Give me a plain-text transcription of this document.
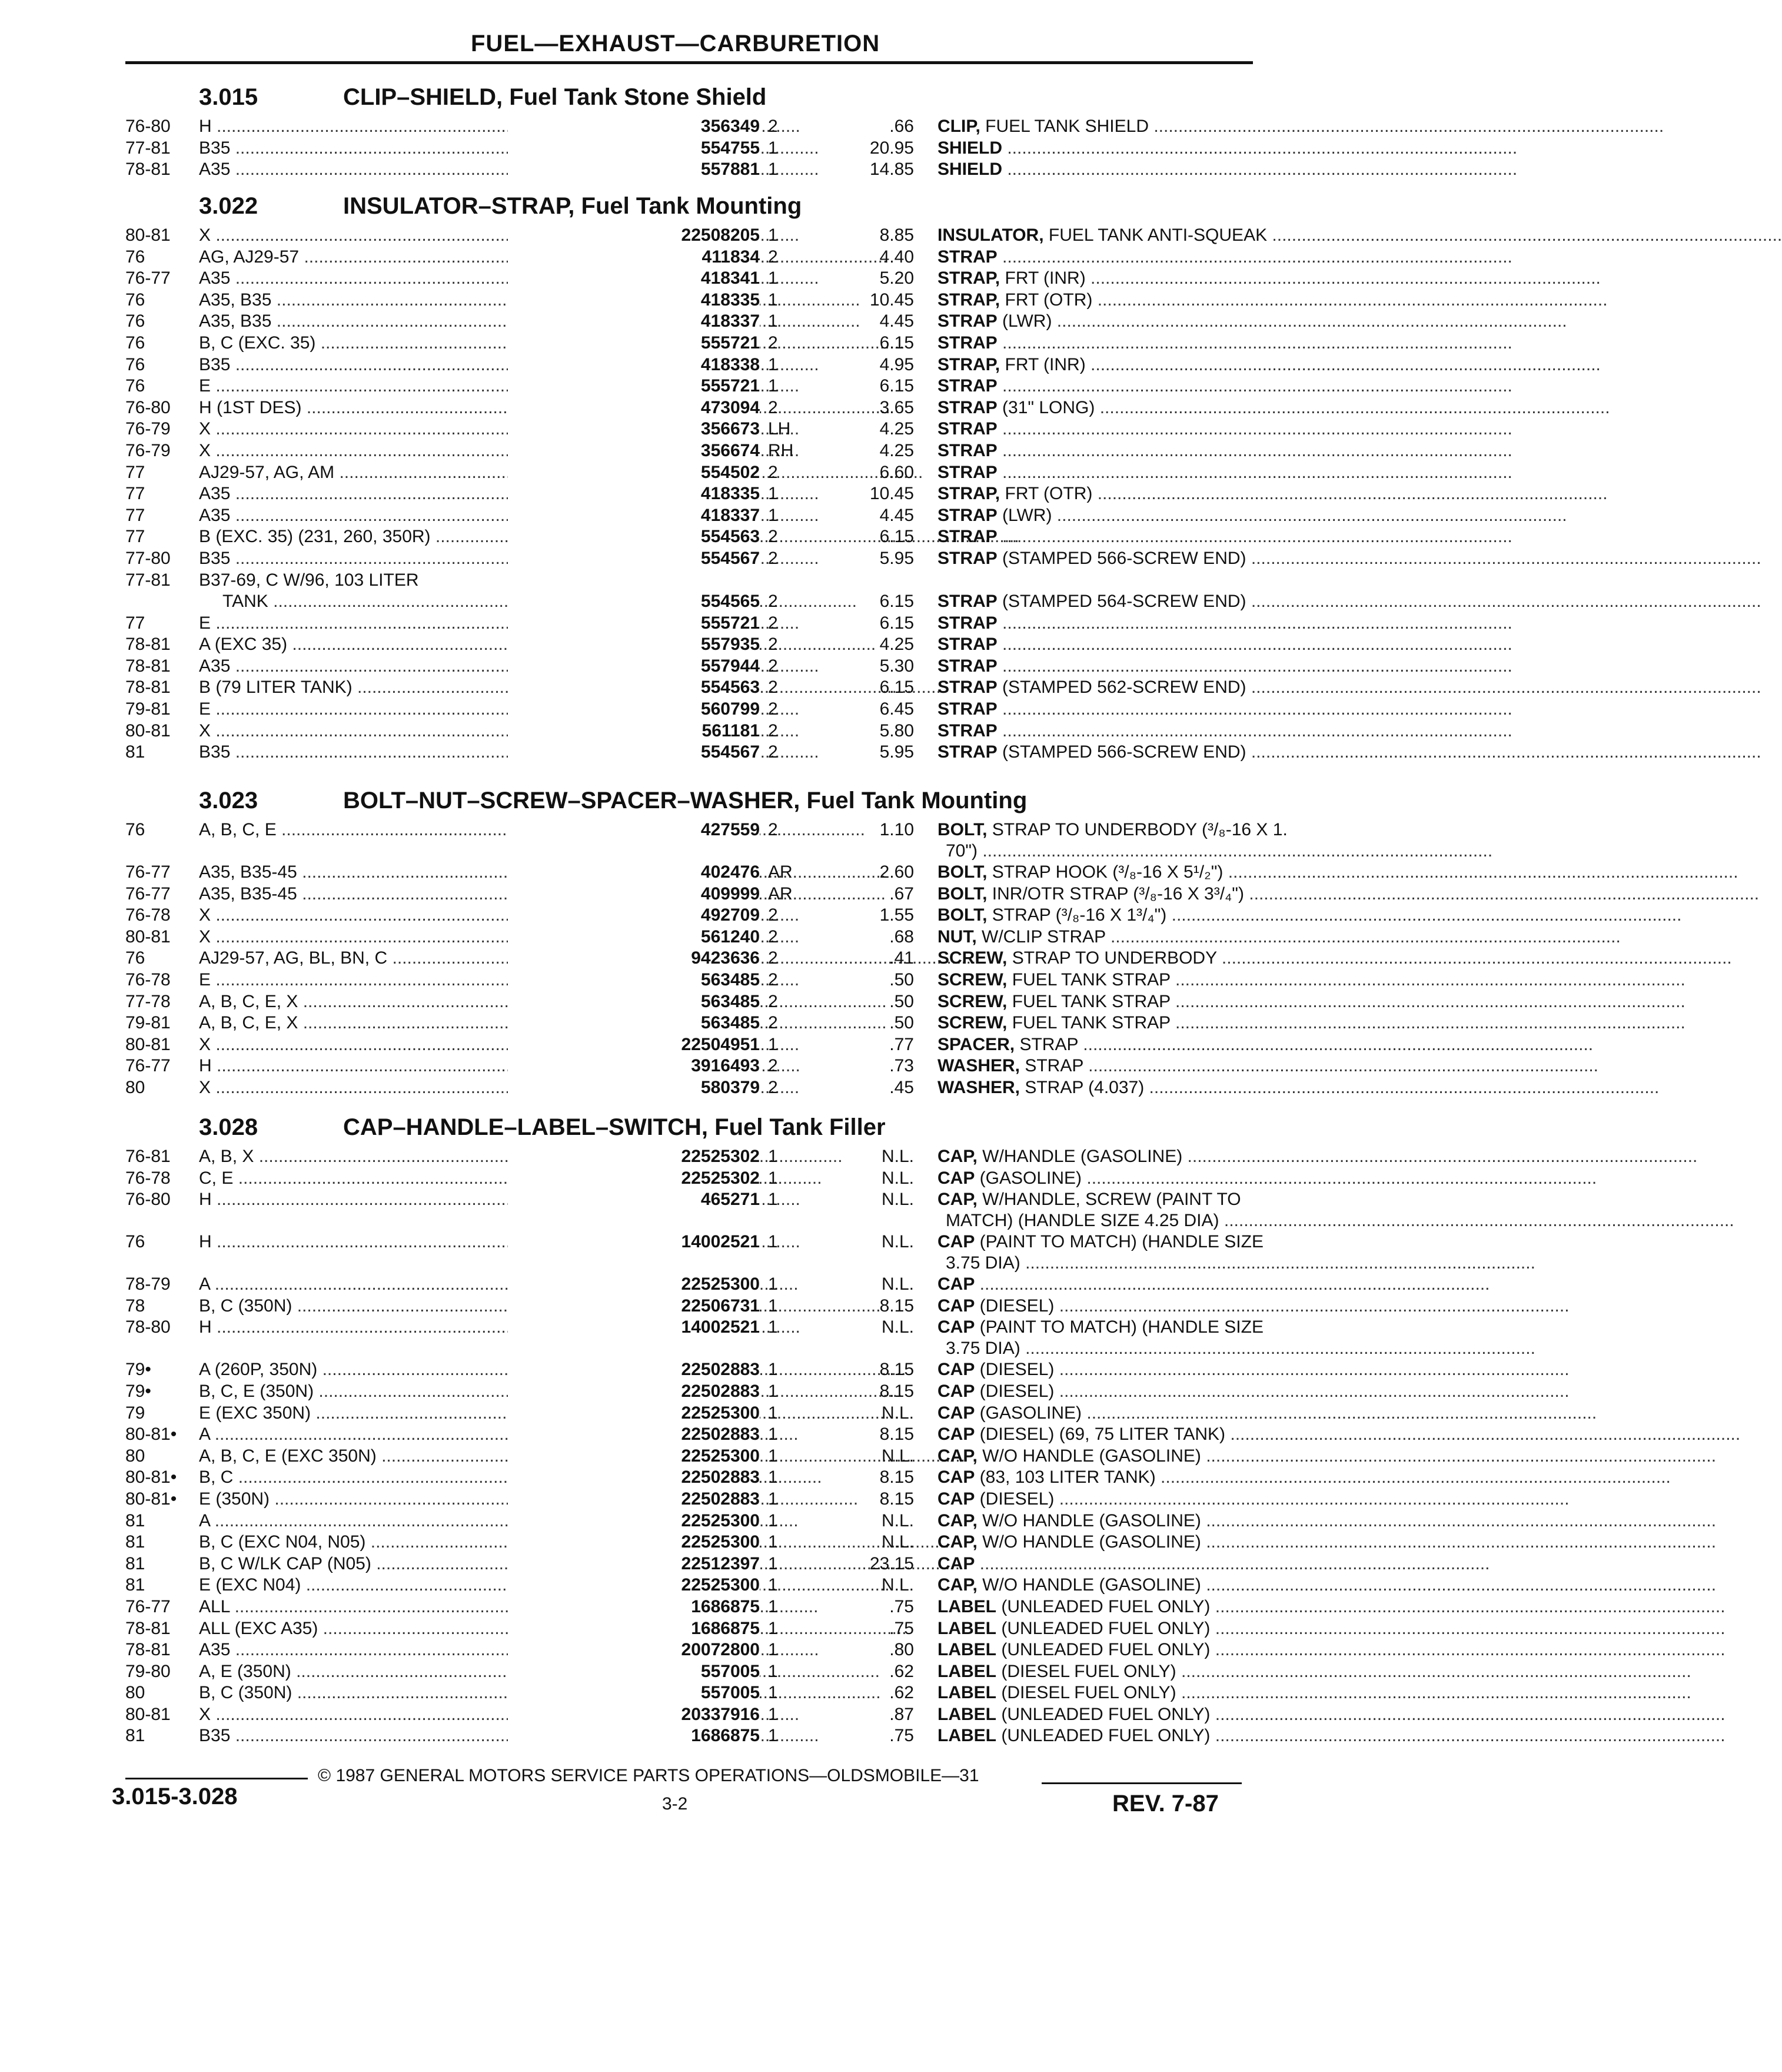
FUEL—EXHAUST—CARBURETION
3.015	CLIP–SHIELD, Fuel Tank Stone Shield
76-80	H .....	356349 2	.66 CLIP, FUEL TANK SHIELD .....
77-81	B35 .....	554755 1	20.95 SHIELD .....
78-81	A35 .....	557881 1	14.85 SHIELD .....
3.022	INSULATOR–STRAP, Fuel Tank Mounting
80-81	X .....	22508205 1	8.85 INSULATOR, FUEL TANK ANTI-SQUEAK .....
76	AG, AJ29-57 .....	411834 2	4.40 STRAP .....
76-77	A35 .....	418341 1	5.20 STRAP, FRT (INR) .....
76	A35, B35 .....	418335 1	10.45 STRAP, FRT (OTR) .....
76	A35, B35 .....	418337 1	4.45 STRAP (LWR) .....
76	B, C (EXC. 35) .....	555721 2	6.15 STRAP .....
76	B35 .....	418338 1	4.95 STRAP, FRT (INR) .....
76	E .....	555721 1	6.15 STRAP .....
76-80	H (1ST DES) .....	473094 2	3.65 STRAP (31" LONG) .....
76-79	X .....	356673 LH	4.25 STRAP .....
76-79	X .....	356674 RH	4.25 STRAP .....
77	AJ29-57, AG, AM .....	554502 2	6.60 STRAP .....
77	A35 .....	418335 1	10.45 STRAP, FRT (OTR) .....
77	A35 .....	418337 1	4.45 STRAP (LWR) .....
77	B (EXC. 35) (231, 260, 350R) .....	554563 2	6.15 STRAP .....
77-80	B35 .....	554567 2	5.95 STRAP (STAMPED 566-SCREW END) .....
77-81	B37-69, C W/96, 103 LITER
TANK .....	554565 2	6.15 STRAP (STAMPED 564-SCREW END) .....
77	E .....	555721 2	6.15 STRAP .....
78-81	A (EXC 35) .....	557935 2	4.25 STRAP .....
78-81	A35 .....	557944 2	5.30 STRAP .....
78-81	B (79 LITER TANK) .....	554563 2	6.15 STRAP (STAMPED 562-SCREW END) .....
79-81	E .....	560799 2	6.45 STRAP .....
80-81	X .....	561181 2	5.80 STRAP .....
81	B35 .....	554567 2	5.95 STRAP (STAMPED 566-SCREW END) .....
3.023	BOLT–NUT–SCREW–SPACER–WASHER, Fuel Tank Mounting
76	A, B, C, E .....	427559 2	1.10 BOLT, STRAP TO UNDERBODY (³/₈-16 X 1.
70") .....
76-77	A35, B35-45 .....	402476 AR	2.60 BOLT, STRAP HOOK (³/₈-16 X 5¹/₂") .....
76-77	A35, B35-45 .....	409999 AR	.67 BOLT, INR/OTR STRAP (³/₈-16 X 3³/₄") .....
76-78	X .....	492709 2	1.55 BOLT, STRAP (³/₈-16 X 1³/₄") .....
80-81	X .....	561240 2	.68 NUT, W/CLIP STRAP .....
76	AJ29-57, AG, BL, BN, C .....	9423636 2	.41 SCREW, STRAP TO UNDERBODY .....
76-78	E .....	563485 2	.50 SCREW, FUEL TANK STRAP .....
77-78	A, B, C, E, X .....	563485 2	.50 SCREW, FUEL TANK STRAP .....
79-81	A, B, C, E, X .....	563485 2	.50 SCREW, FUEL TANK STRAP .....
80-81	X .....	22504951 1	.77 SPACER, STRAP .....
76-77	H .....	3916493 2	.73 WASHER, STRAP .....
80	X .....	580379 2	.45 WASHER, STRAP (4.037) .....
3.028	CAP–HANDLE–LABEL–SWITCH, Fuel Tank Filler
76-81	A, B, X .....	22525302 1	N.L. CAP, W/HANDLE (GASOLINE) .....
76-78	C, E .....	22525302 1	N.L. CAP (GASOLINE) .....
76-80	H .....	465271 1	N.L. CAP, W/HANDLE, SCREW (PAINT TO
MATCH) (HANDLE SIZE 4.25 DIA) .....
76	H .....	14002521 1	N.L. CAP (PAINT TO MATCH) (HANDLE SIZE
3.75 DIA) .....
78-79	A .....	22525300 1	N.L. CAP .....
78	B, C (350N) .....	22506731 1	8.15 CAP (DIESEL) .....
78-80	H .....	14002521 1	N.L. CAP (PAINT TO MATCH) (HANDLE SIZE
3.75 DIA) .....
79•	A (260P, 350N) .....	22502883 1	8.15 CAP (DIESEL) .....
79•	B, C, E (350N) .....	22502883 1	8.15 CAP (DIESEL) .....
79	E (EXC 350N) .....	22525300 1	N.L. CAP (GASOLINE) .....
80-81•	A .....	22502883 1	8.15 CAP (DIESEL) (69, 75 LITER TANK) .....
80	A, B, C, E (EXC 350N) .....	22525300 1	N.L. CAP, W/O HANDLE (GASOLINE) .....
80-81•	B, C .....	22502883 1	8.15 CAP (83, 103 LITER TANK) .....
80-81•	E (350N) .....	22502883 1	8.15 CAP (DIESEL) .....
81	A .....	22525300 1	N.L. CAP, W/O HANDLE (GASOLINE) .....
81	B, C (EXC N04, N05) .....	22525300 1	N.L. CAP, W/O HANDLE (GASOLINE) .....
81	B, C W/LK CAP (N05) .....	22512397 1	23.15 CAP .....
81	E (EXC N04) .....	22525300 1	N.L. CAP, W/O HANDLE (GASOLINE) .....
76-77	ALL .....	1686875 1	.75 LABEL (UNLEADED FUEL ONLY) .....
78-81	ALL (EXC A35) .....	1686875 1	.75 LABEL (UNLEADED FUEL ONLY) .....
78-81	A35 .....	20072800 1	.80 LABEL (UNLEADED FUEL ONLY) .....
79-80	A, E (350N) .....	557005 1	.62 LABEL (DIESEL FUEL ONLY) .....
80	B, C (350N) .....	557005 1	.62 LABEL (DIESEL FUEL ONLY) .....
80-81	X .....	20337916 1	.87 LABEL (UNLEADED FUEL ONLY) .....
81	B35 .....	1686875 1	.75 LABEL (UNLEADED FUEL ONLY) .....
© 1987 GENERAL MOTORS SERVICE PARTS OPERATIONS—OLDSMOBILE—31
3.015-3.028	3-2	REV. 7-87
